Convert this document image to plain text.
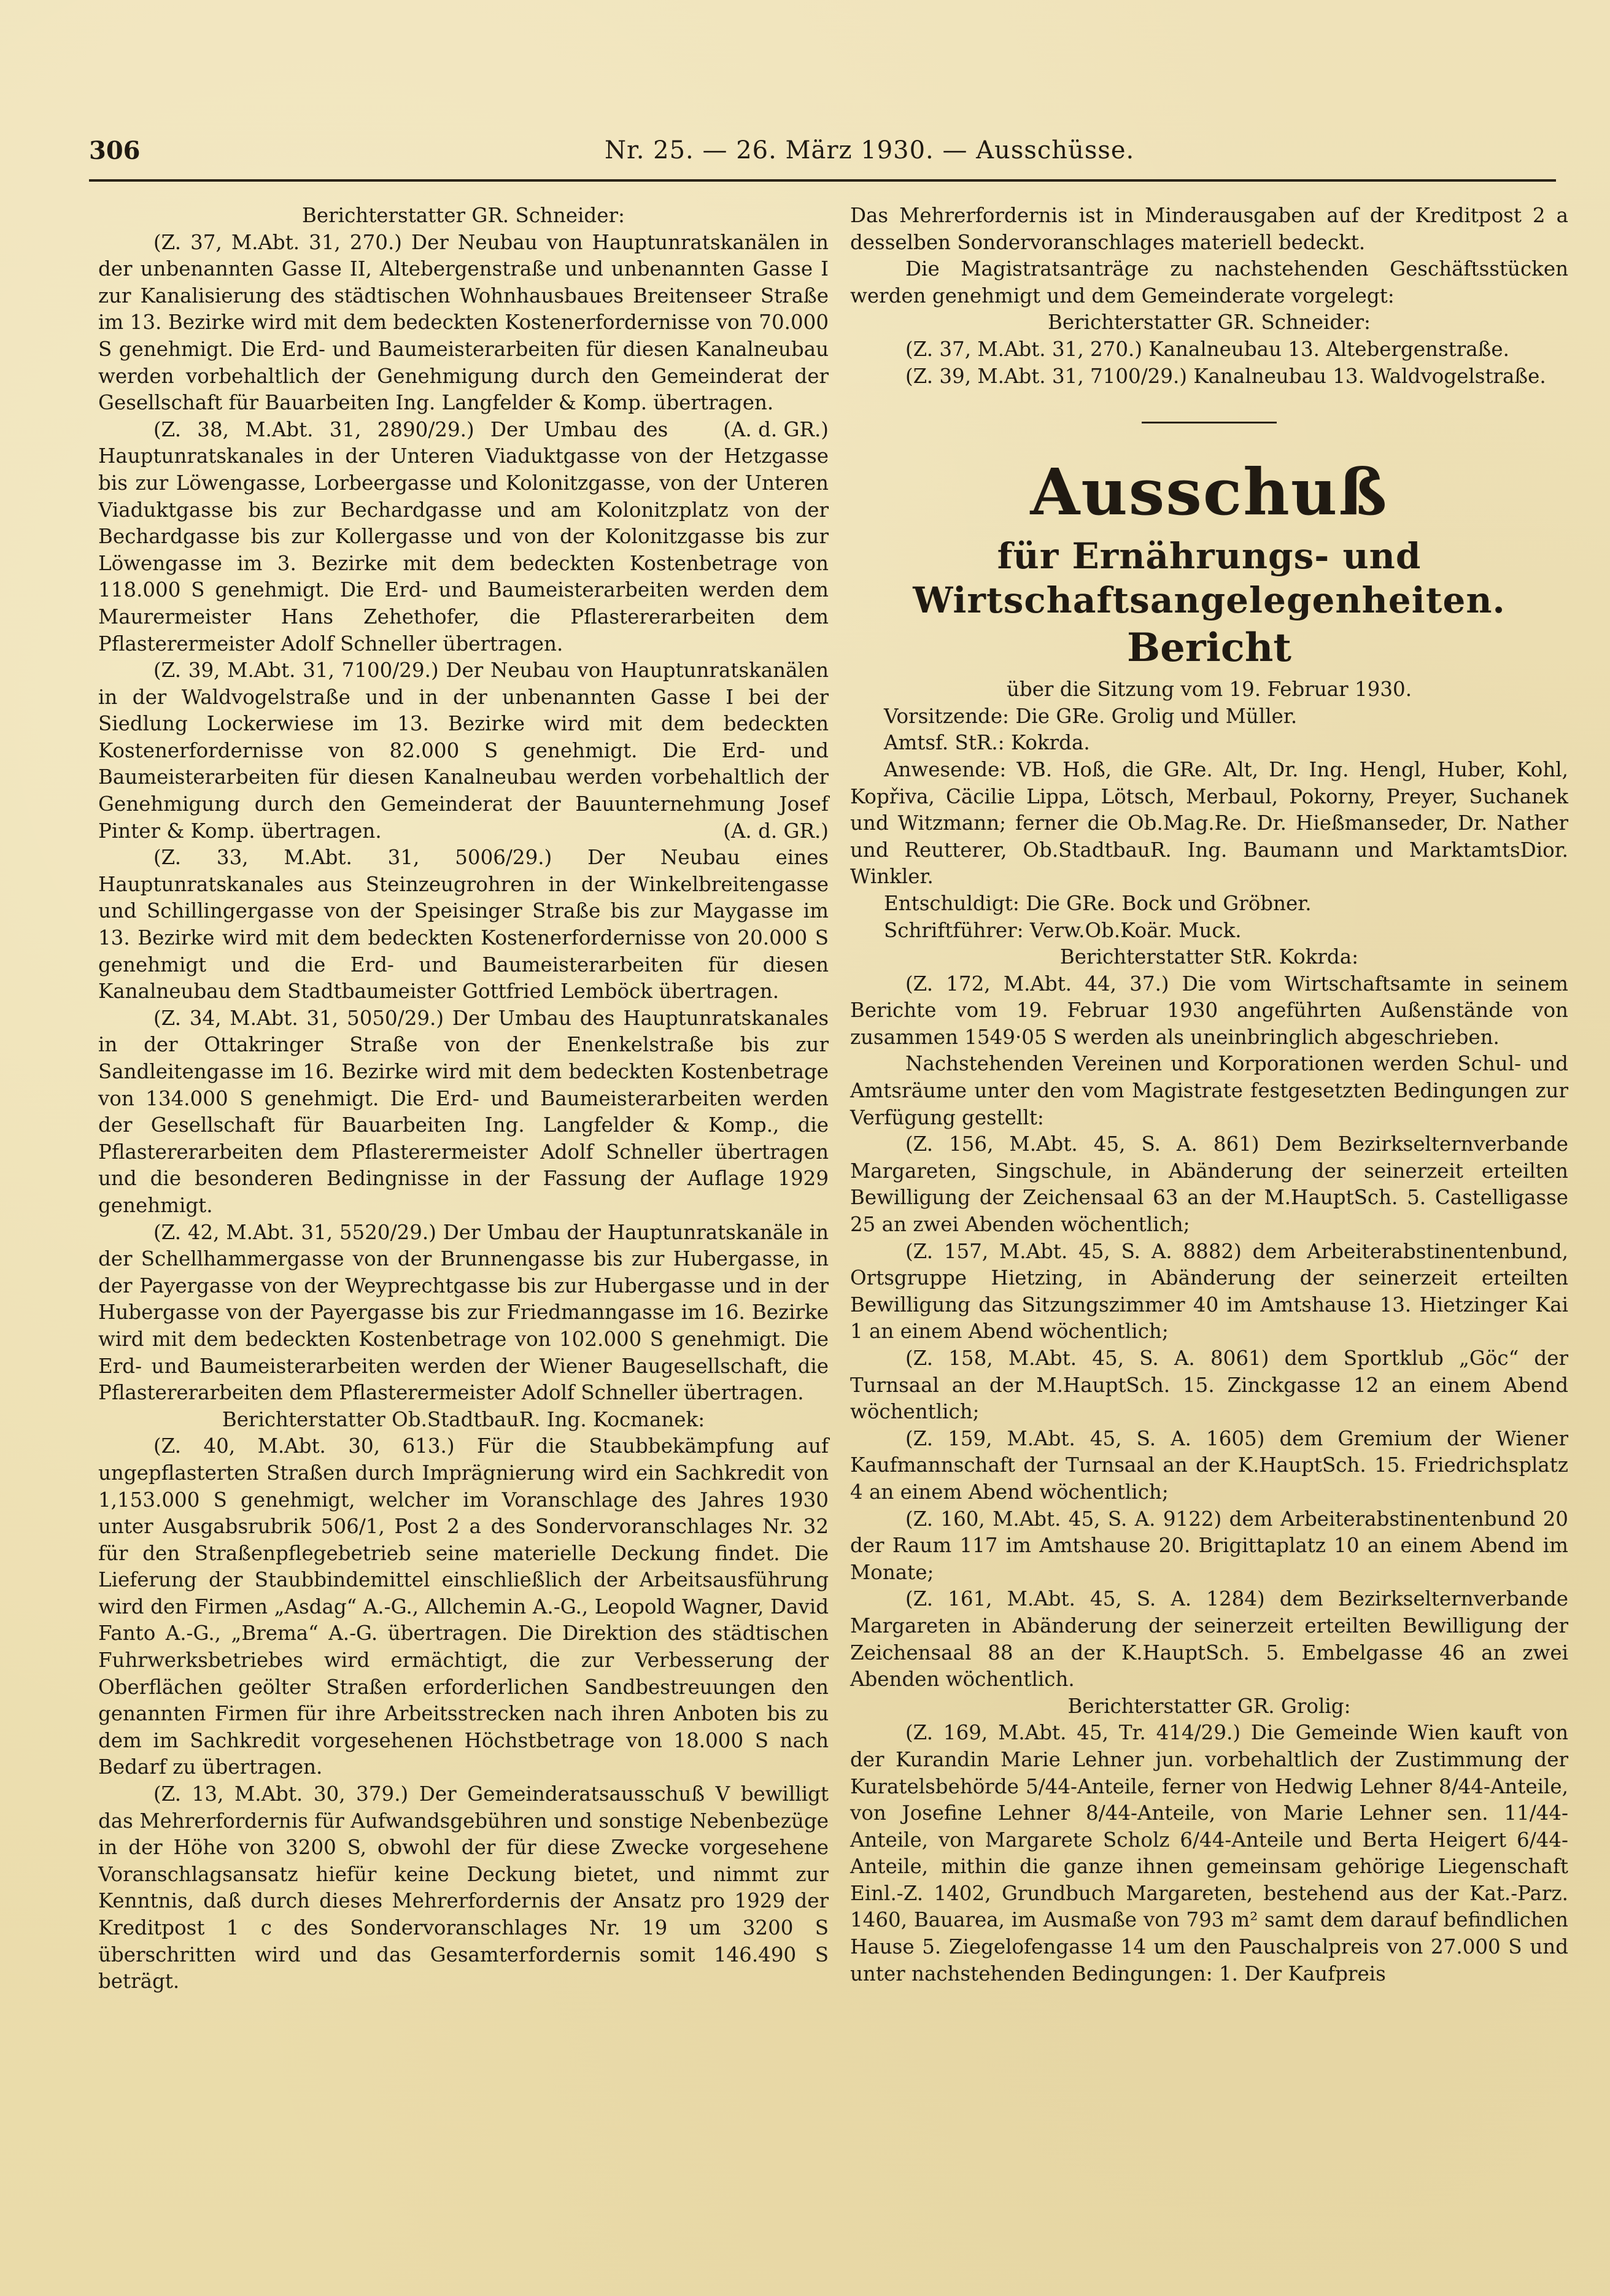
306	Nr. 25. — 26. März 1930. — Ausschüsse.

Berichterstatter GR. Schneider:

(Z. 37, M.Abt. 31, 270.) Der Neubau von Hauptunratskanälen in der unbenannten Gasse II, Altebergenstraße und unbenannten Gasse I zur Kanalisierung des städtischen Wohnhausbaues Breitenseer Straße im 13. Bezirke wird mit dem bedeckten Kostenerfordernisse von 70.000 S genehmigt. Die Erd- und Baumeisterarbeiten für diesen Kanalneubau werden vorbehaltlich der Genehmigung durch den Gemeinderat der Gesellschaft für Bauarbeiten Ing. Langfelder & Komp. übertragen.
(A. d. GR.)

(Z. 38, M.Abt. 31, 2890/29.) Der Umbau des Hauptunratskanales in der Unteren Viaduktgasse von der Hetzgasse bis zur Löwengasse, Lorbeergasse und Kolonitzgasse, von der Unteren Viaduktgasse bis zur Bechardgasse und am Kolonitzplatz von der Bechardgasse bis zur Kollergasse und von der Kolonitzgasse bis zur Löwengasse im 3. Bezirke mit dem bedeckten Kostenbetrage von 118.000 S genehmigt. Die Erd- und Baumeisterarbeiten werden dem Maurermeister Hans Zehethofer, die Pflastererarbeiten dem Pflasterermeister Adolf Schneller übertragen.

(Z. 39, M.Abt. 31, 7100/29.) Der Neubau von Hauptunratskanälen in der Waldvogelstraße und in der unbenannten Gasse I bei der Siedlung Lockerwiese im 13. Bezirke wird mit dem bedeckten Kostenerfordernisse von 82.000 S genehmigt. Die Erd- und Baumeisterarbeiten für diesen Kanalneubau werden vorbehaltlich der Genehmigung durch den Gemeinderat der Bauunternehmung Josef Pinter & Komp. übertragen.	(A. d. GR.)

(Z. 33, M.Abt. 31, 5006/29.) Der Neubau eines Hauptunratskanales aus Steinzeugrohren in der Winkelbreitengasse und Schillingergasse von der Speisinger Straße bis zur Maygasse im 13. Bezirke wird mit dem bedeckten Kostenerfordernisse von 20.000 S genehmigt und die Erd- und Baumeisterarbeiten für diesen Kanalneubau dem Stadtbaumeister Gottfried Lemböck übertragen.

(Z. 34, M.Abt. 31, 5050/29.) Der Umbau des Hauptunratskanales in der Ottakringer Straße von der Enenkelstraße bis zur Sandleitengasse im 16. Bezirke wird mit dem bedeckten Kostenbetrage von 134.000 S genehmigt. Die Erd- und Baumeisterarbeiten werden der Gesellschaft für Bauarbeiten Ing. Langfelder & Komp., die Pflastererarbeiten dem Pflasterermeister Adolf Schneller übertragen und die besonderen Bedingnisse in der Fassung der Auflage 1929 genehmigt.

(Z. 42, M.Abt. 31, 5520/29.) Der Umbau der Hauptunratskanäle in der Schellhammergasse von der Brunnengasse bis zur Hubergasse, in der Payergasse von der Weyprechtgasse bis zur Hubergasse und in der Hubergasse von der Payergasse bis zur Friedmanngasse im 16. Bezirke wird mit dem bedeckten Kostenbetrage von 102.000 S genehmigt. Die Erd- und Baumeisterarbeiten werden der Wiener Baugesellschaft, die Pflastererarbeiten dem Pflasterermeister Adolf Schneller übertragen.

Berichterstatter Ob.StadtbauR. Ing. Kocmanek:

(Z. 40, M.Abt. 30, 613.) Für die Staubbekämpfung auf ungepflasterten Straßen durch Imprägnierung wird ein Sachkredit von 1,153.000 S genehmigt, welcher im Voranschlage des Jahres 1930 unter Ausgabsrubrik 506/1, Post 2 a des Sondervoranschlages Nr. 32 für den Straßenpflegebetrieb seine materielle Deckung findet. Die Lieferung der Staubbindemittel einschließlich der Arbeitsausführung wird den Firmen „Asdag“ A.-G., Allchemin A.-G., Leopold Wagner, David Fanto A.-G., „Brema“ A.-G. übertragen. Die Direktion des städtischen Fuhrwerksbetriebes wird ermächtigt, die zur Verbesserung der Oberflächen geölter Straßen erforderlichen Sandbestreuungen den genannten Firmen für ihre Arbeitsstrecken nach ihren Anboten bis zu dem im Sachkredit vorgesehenen Höchstbetrage von 18.000 S nach Bedarf zu übertragen.

(Z. 13, M.Abt. 30, 379.) Der Gemeinderatsausschuß V bewilligt das Mehrerfordernis für Aufwandsgebühren und sonstige Nebenbezüge in der Höhe von 3200 S, obwohl der für diese Zwecke vorgesehene Voranschlagsansatz hiefür keine Deckung bietet, und nimmt zur Kenntnis, daß durch dieses Mehrerfordernis der Ansatz pro 1929 der Kreditpost 1 c des Sondervoranschlages Nr. 19 um 3200 S überschritten wird und das Gesamterfordernis somit 146.490 S beträgt.

Das Mehrerfordernis ist in Minderausgaben auf der Kreditpost 2 a desselben Sondervoranschlages materiell bedeckt.

Die Magistratsanträge zu nachstehenden Geschäftsstücken werden genehmigt und dem Gemeinderate vorgelegt:

Berichterstatter GR. Schneider:

(Z. 37, M.Abt. 31, 270.) Kanalneubau 13. Altebergenstraße.

(Z. 39, M.Abt. 31, 7100/29.) Kanalneubau 13. Waldvogelstraße.

Ausschuß
für Ernährungs- und Wirtschaftsangelegenheiten.
Bericht

über die Sitzung vom 19. Februar 1930.

Vorsitzende: Die GRe. Grolig und Müller.

Amtsf. StR.: Kokrda.

Anwesende: VB. Hoß, die GRe. Alt, Dr. Ing. Hengl, Huber, Kohl, Kopřiva, Cäcilie Lippa, Lötsch, Merbaul, Pokorny, Preyer, Suchanek und Witzmann; ferner die Ob.Mag.Re. Dr. Hießmanseder, Dr. Nather und Reutterer, Ob.StadtbauR. Ing. Baumann und MarktamtsDior. Winkler.

Entschuldigt: Die GRe. Bock und Gröbner.

Schriftführer: Verw.Ob.Koär. Muck.

Berichterstatter StR. Kokrda:

(Z. 172, M.Abt. 44, 37.) Die vom Wirtschaftsamte in seinem Berichte vom 19. Februar 1930 angeführten Außenstände von zusammen 1549·05 S werden als uneinbringlich abgeschrieben.

Nachstehenden Vereinen und Korporationen werden Schul- und Amtsräume unter den vom Magistrate festgesetzten Bedingungen zur Verfügung gestellt:

(Z. 156, M.Abt. 45, S. A. 861) Dem Bezirkselternverbande Margareten, Singschule, in Abänderung der seinerzeit erteilten Bewilligung der Zeichensaal 63 an der M.HauptSch. 5. Castelligasse 25 an zwei Abenden wöchentlich;

(Z. 157, M.Abt. 45, S. A. 8882) dem Arbeiterabstinentenbund, Ortsgruppe Hietzing, in Abänderung der seinerzeit erteilten Bewilligung das Sitzungszimmer 40 im Amtshause 13. Hietzinger Kai 1 an einem Abend wöchentlich;

(Z. 158, M.Abt. 45, S. A. 8061) dem Sportklub „Göc“ der Turnsaal an der M.HauptSch. 15. Zinckgasse 12 an einem Abend wöchentlich;

(Z. 159, M.Abt. 45, S. A. 1605) dem Gremium der Wiener Kaufmannschaft der Turnsaal an der K.HauptSch. 15. Friedrichsplatz 4 an einem Abend wöchentlich;

(Z. 160, M.Abt. 45, S. A. 9122) dem Arbeiterabstinentenbund 20 der Raum 117 im Amtshause 20. Brigittaplatz 10 an einem Abend im Monate;

(Z. 161, M.Abt. 45, S. A. 1284) dem Bezirkselternverbande Margareten in Abänderung der seinerzeit erteilten Bewilligung der Zeichensaal 88 an der K.HauptSch. 5. Embelgasse 46 an zwei Abenden wöchentlich.

Berichterstatter GR. Grolig:

(Z. 169, M.Abt. 45, Tr. 414/29.) Die Gemeinde Wien kauft von der Kurandin Marie Lehner jun. vorbehaltlich der Zustimmung der Kuratelsbehörde 5/44-Anteile, ferner von Hedwig Lehner 8/44-Anteile, von Josefine Lehner 8/44-Anteile, von Marie Lehner sen. 11/44-Anteile, von Margarete Scholz 6/44-Anteile und Berta Heigert 6/44-Anteile, mithin die ganze ihnen gemeinsam gehörige Liegenschaft Einl.-Z. 1402, Grundbuch Margareten, bestehend aus der Kat.-Parz. 1460, Bauarea, im Ausmaße von 793 m² samt dem darauf befindlichen Hause 5. Ziegelofengasse 14 um den Pauschalpreis von 27.000 S und unter nachstehenden Bedingungen: 1. Der Kaufpreis
